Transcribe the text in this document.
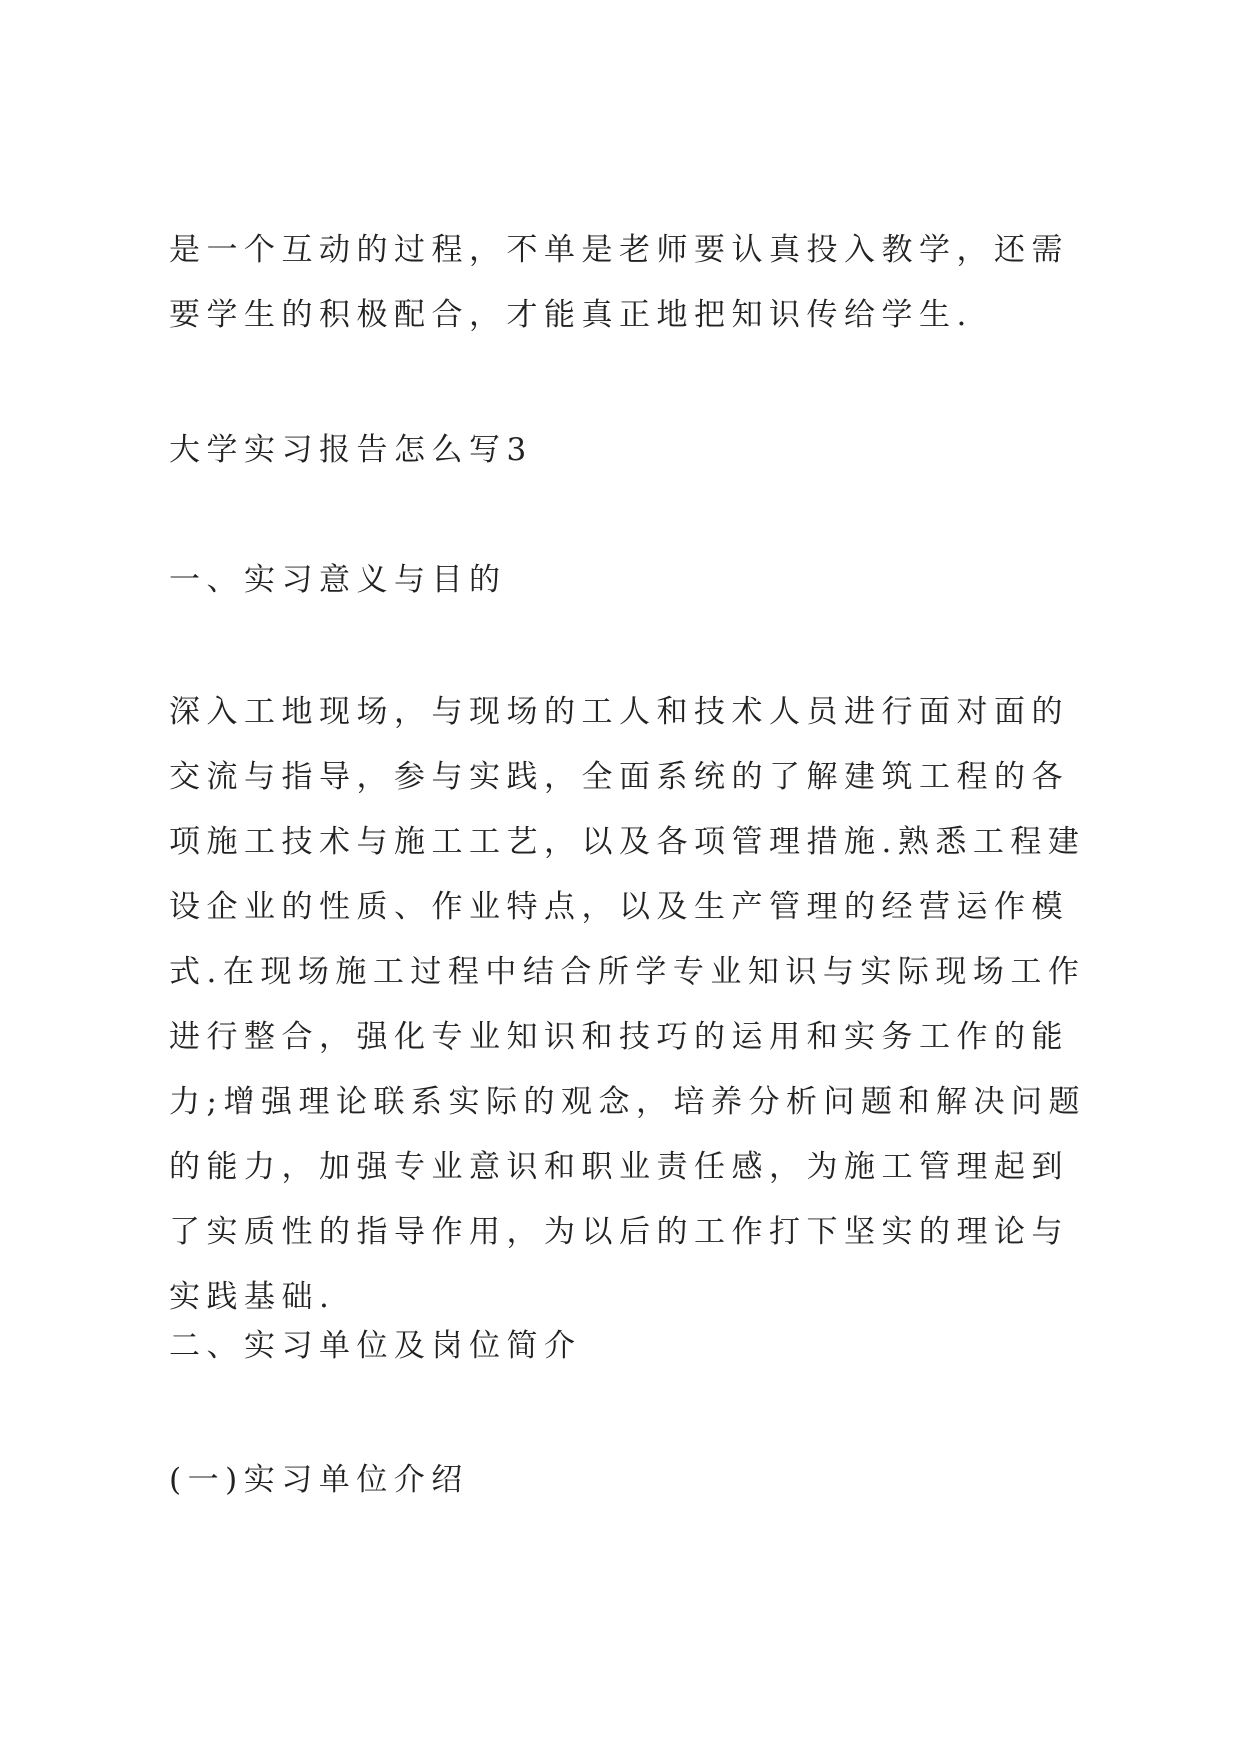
是一个互动的过程，不单是老师要认真投入教学，还需要学生的积极配合，才能真正地把知识传给学生.

大学实习报告怎么写3

一、实习意义与目的

深入工地现场，与现场的工人和技术人员进行面对面的交流与指导，参与实践，全面系统的了解建筑工程的各项施工技术与施工工艺，以及各项管理措施.熟悉工程建设企业的性质、作业特点，以及生产管理的经营运作模式.在现场施工过程中结合所学专业知识与实际现场工作进行整合，强化专业知识和技巧的运用和实务工作的能力;增强理论联系实际的观念，培养分析问题和解决问题的能力，加强专业意识和职业责任感，为施工管理起到了实质性的指导作用，为以后的工作打下坚实的理论与实践基础.

二、实习单位及岗位简介

(一)实习单位介绍
